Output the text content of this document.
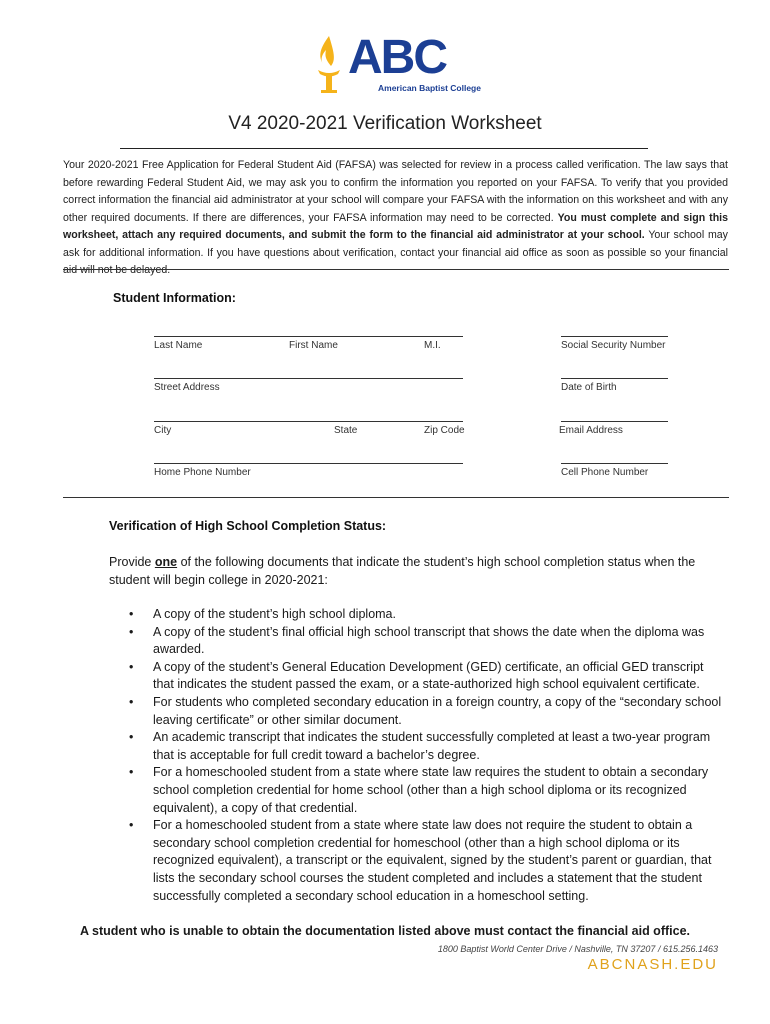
ABC
American Baptist College
V4 2020-2021 Verification Worksheet
Your 2020-2021 Free Application for Federal Student Aid (FAFSA) was selected for review in a process called verification. The law says that before rewarding Federal Student Aid, we may ask you to confirm the information you reported on your FAFSA. To verify that you provided correct information the financial aid administrator at your school will compare your FAFSA with the information on this worksheet and with any other required documents. If there are differences, your FAFSA information may need to be corrected. You must complete and sign this worksheet, attach any required documents, and submit the form to the financial aid administrator at your school. Your school may ask for additional information. If you have questions about verification, contact your financial aid office as soon as possible so your financial aid will not be delayed.
Student Information:
Last Name	First Name	M.I.	Social Security Number
Street Address	Date of Birth
City	State	Zip Code	Email Address
Home Phone Number	Cell Phone Number
Verification of High School Completion Status:
Provide one of the following documents that indicate the student’s high school completion status when the student will begin college in 2020-2021:
• A copy of the student’s high school diploma.
• A copy of the student’s final official high school transcript that shows the date when the diploma was awarded.
• A copy of the student’s General Education Development (GED) certificate, an official GED transcript that indicates the student passed the exam, or a state-authorized high school equivalent certificate.
• For students who completed secondary education in a foreign country, a copy of the “secondary school leaving certificate” or other similar document.
• An academic transcript that indicates the student successfully completed at least a two-year program that is acceptable for full credit toward a bachelor’s degree.
• For a homeschooled student from a state where state law requires the student to obtain a secondary school completion credential for home school (other than a high school diploma or its recognized equivalent), a copy of that credential.
• For a homeschooled student from a state where state law does not require the student to obtain a secondary school completion credential for homeschool (other than a high school diploma or its recognized equivalent), a transcript or the equivalent, signed by the student’s parent or guardian, that lists the secondary school courses the student completed and includes a statement that the student successfully completed a secondary school education in a homeschool setting.
A student who is unable to obtain the documentation listed above must contact the financial aid office.
1800 Baptist World Center Drive / Nashville, TN 37207 / 615.256.1463
ABCNASH.EDU
